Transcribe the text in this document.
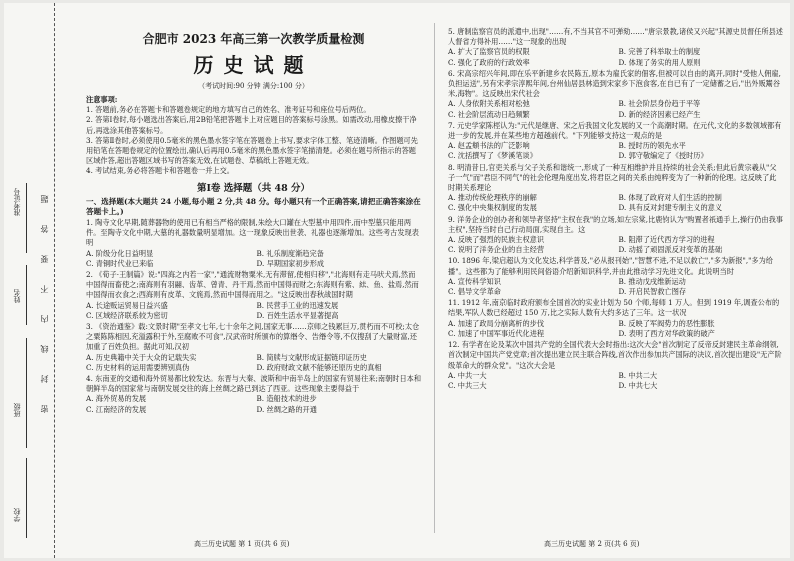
准考证号
姓名
班级
学校
密封线内不要答题
合肥市 2023 年高三第一次教学质量检测
历史试题
（考试时间:90 分钟 满分:100 分）

注意事项:

1. 答题前,务必在答题卡和答题卷规定的地方填写自己的姓名、准考证号和座位号后两位。

2. 答第Ⅰ卷时,每小题选出答案后,用2B铅笔把答题卡上对应题目的答案标号涂黑。如需改动,用橡皮擦干净后,再选涂其他答案标号。

3. 答第Ⅱ卷时,必须使用0.5毫米的黑色墨水签字笔在答题卷上书写,要求字体工整、笔迹清晰。作图题可先用铅笔在答题卷规定的位置绘出,确认后再用0.5毫米的黑色墨水签字笔描清楚。必须在题号所指示的答题区域作答,超出答题区域书写的答案无效,在试题卷、草稿纸上答题无效。

4. 考试结束,务必将答题卡和答题卷一并上交。

第Ⅰ卷 选择题（共 48 分）

一、选择题(本大题共 24 小题,每小题 2 分,共 48 分。每小题只有一个正确答案,请把正确答案涂在答题卡上。)

1. 陶寺文化早期,随葬器物的使用已有相当严格的限制,朱绘大口罐在大型墓中用四件,而中型墓只能用两件。至陶寺文化中期,大墓的礼器数量明显增加。这一现象反映出世袭、礼器也逐渐增加。这些考古发现表明

A. 阶级分化日益明显	B. 礼乐制度渐趋完备
C. 青铜时代业已来临	D. 早期国家初步形成

2. 《荀子·王制篇》说:"四海之内若一家","通流财物粟米,无有滞留,使相归移","北海则有走马吠犬焉,然而中国得而畜使之;南海则有羽翮、齿革、曾青、丹干焉,然而中国得而财之;东海则有紫、紶、鱼、盐焉,然而中国得而衣食之;西海则有皮革、文旄焉,然而中国得而用之。"这反映出春秋战国时期

A. 长途贩运贸易日益兴盛	B. 民营手工业的迅速发展
C. 区域经济联系较为密切	D. 百姓生活水平显著提高

3. 《资治通鉴》载:文景时期"至孝文七年,七十余年之间,国家无事……京师之钱累巨万,贯朽而不可校;太仓之粟陈陈相因,充溢露积于外,至腐败不可食",汉武帝时所颁布的算缗令、告缗令等,不仅搜刮了大量财富,还加重了百姓负担。据此可知,汉初

A. 历史典籍中关于大众的记载失实	B. 简牍与文献形成证据链印证历史
C. 历史材料的运用需要辨别真伪	D. 政府财政文献不能够还原历史的真相

4. 东南亚的交通和海外贸易都比较发达。东晋与大秦、波斯和中南半岛上的国家有贸易往来;南朝时日本和朝鲜半岛的国家常与南朝发展交往的海上丝绸之路已到达了西亚。这些现象主要得益于

A. 海外贸易的发展	B. 造船技术的进步
C. 江南经济的发展	D. 丝绸之路的开通

5. 唐制监察官员的派遣中,出现"……有,不当其官不可弹劾……"唐宗景教,诸侯又兴起"其源史员督任所县述人督省方得补用……"这一现象的出现

A. 扩大了监察官员的权限	B. 完善了科举取士的制度
C. 强化了政府的行政效率	D. 体现了务实的用人原则

6. 宋高宗绍兴年间,即在乐平新建乡农民陈五,原本为雇氏家的佃客,但被可以自由的离开,同时"受他人佣雇,负担运送",另有宋孝宗淳熙年间,台州仙居县林造到宋家乡下泡食客,在自已有了一定储蓄之后,"出外贩鬻谷米,海物"。这反映出宋代社会

A. 人身依附关系相对松弛	B. 社会阶层身份趋于平等
C. 社会阶层流动日趋频繁	D. 新的经济因素已经产生

7. 元史学家陈桱认为:"元代是继唐、宋之后我国文化发展的又一个高潮时期。在元代,文化的多数领域都有进一步的发展,并在某些地方超越前代。"下列能够支持这一观点的是

A. 赵孟頫书法的广泛影响	B. 授时历的领先水平
C. 沈括撰写了《梦溪笔谈》	D. 郭守敬编定了《授时历》

8. 明清昔日,官吏关系与父子关系和谐统一,形成了一种互相维护并且持续的社会关系;但此后黄宗羲从"父子一气"而"君臣不同气"的社会伦理角度出发,将君臣之间的关系由纯粹变为了一种新的伦理。这反映了此时期关系理论

A. 推动传统伦理秩序的崩解	B. 体现了政府对人们生活的控制
C. 强化中央集权制度的发展	D. 具有反对封建专制主义的意义

9. 洋务企业的创办者和领导者坚持"主权在我"的立场,如左宗棠,比鹿钧认为"购置者祇通手上,操行仍由我事主权",坚持当时自己行动局面,实现自主。这

A. 反映了强烈的民族主权意识	B. 阻滞了近代西方学习的进程
C. 说明了洋务企业的自主经营	D. 动摇了顽固派反对变革的基础

10. 1896 年,梁启超认为文化发达,科学普及,"必从报刊始","智慧不进,不足以救亡","多为新报","多为给播"。这些都为了能够利用民间俗语介绍新知识科学,并由此推动学习先进文化。此说明当时

A. 宣传科学知识	B. 推动戊戌维新运动
C. 倡导文学革命	D. 开启民智救亡图存

11. 1912 年,南京临时政府颁布全国首次的实业计划为 50 个师,每师 1 万人。但到 1919 年,调查公布的结果,军队人数已经超过 150 万,比之实际人数有大约多达了三年。这一状况

A. 加速了政局分崩离析的步伐	B. 反映了军阀势力的恶性膨胀
C. 加速了中国军事近代化进程	D. 表明了西方对华政策的破产

12. 有学者在论及某次中国共产党的全国代表大会时指出:这次大会"首次制定了反帝反封建民主革命纲领,首次制定中国共产党党章;首次提出建立民主联合阵线,首次作出参加共产国际的决议,首次提出建设"无产阶级革命大的群众党"。"这次大会是

A. 中共一大	B. 中共二大
C. 中共三大	D. 中共七大
高三历史试题 第 1 页(共 6 页)	高三历史试题 第 2 页(共 6 页)
